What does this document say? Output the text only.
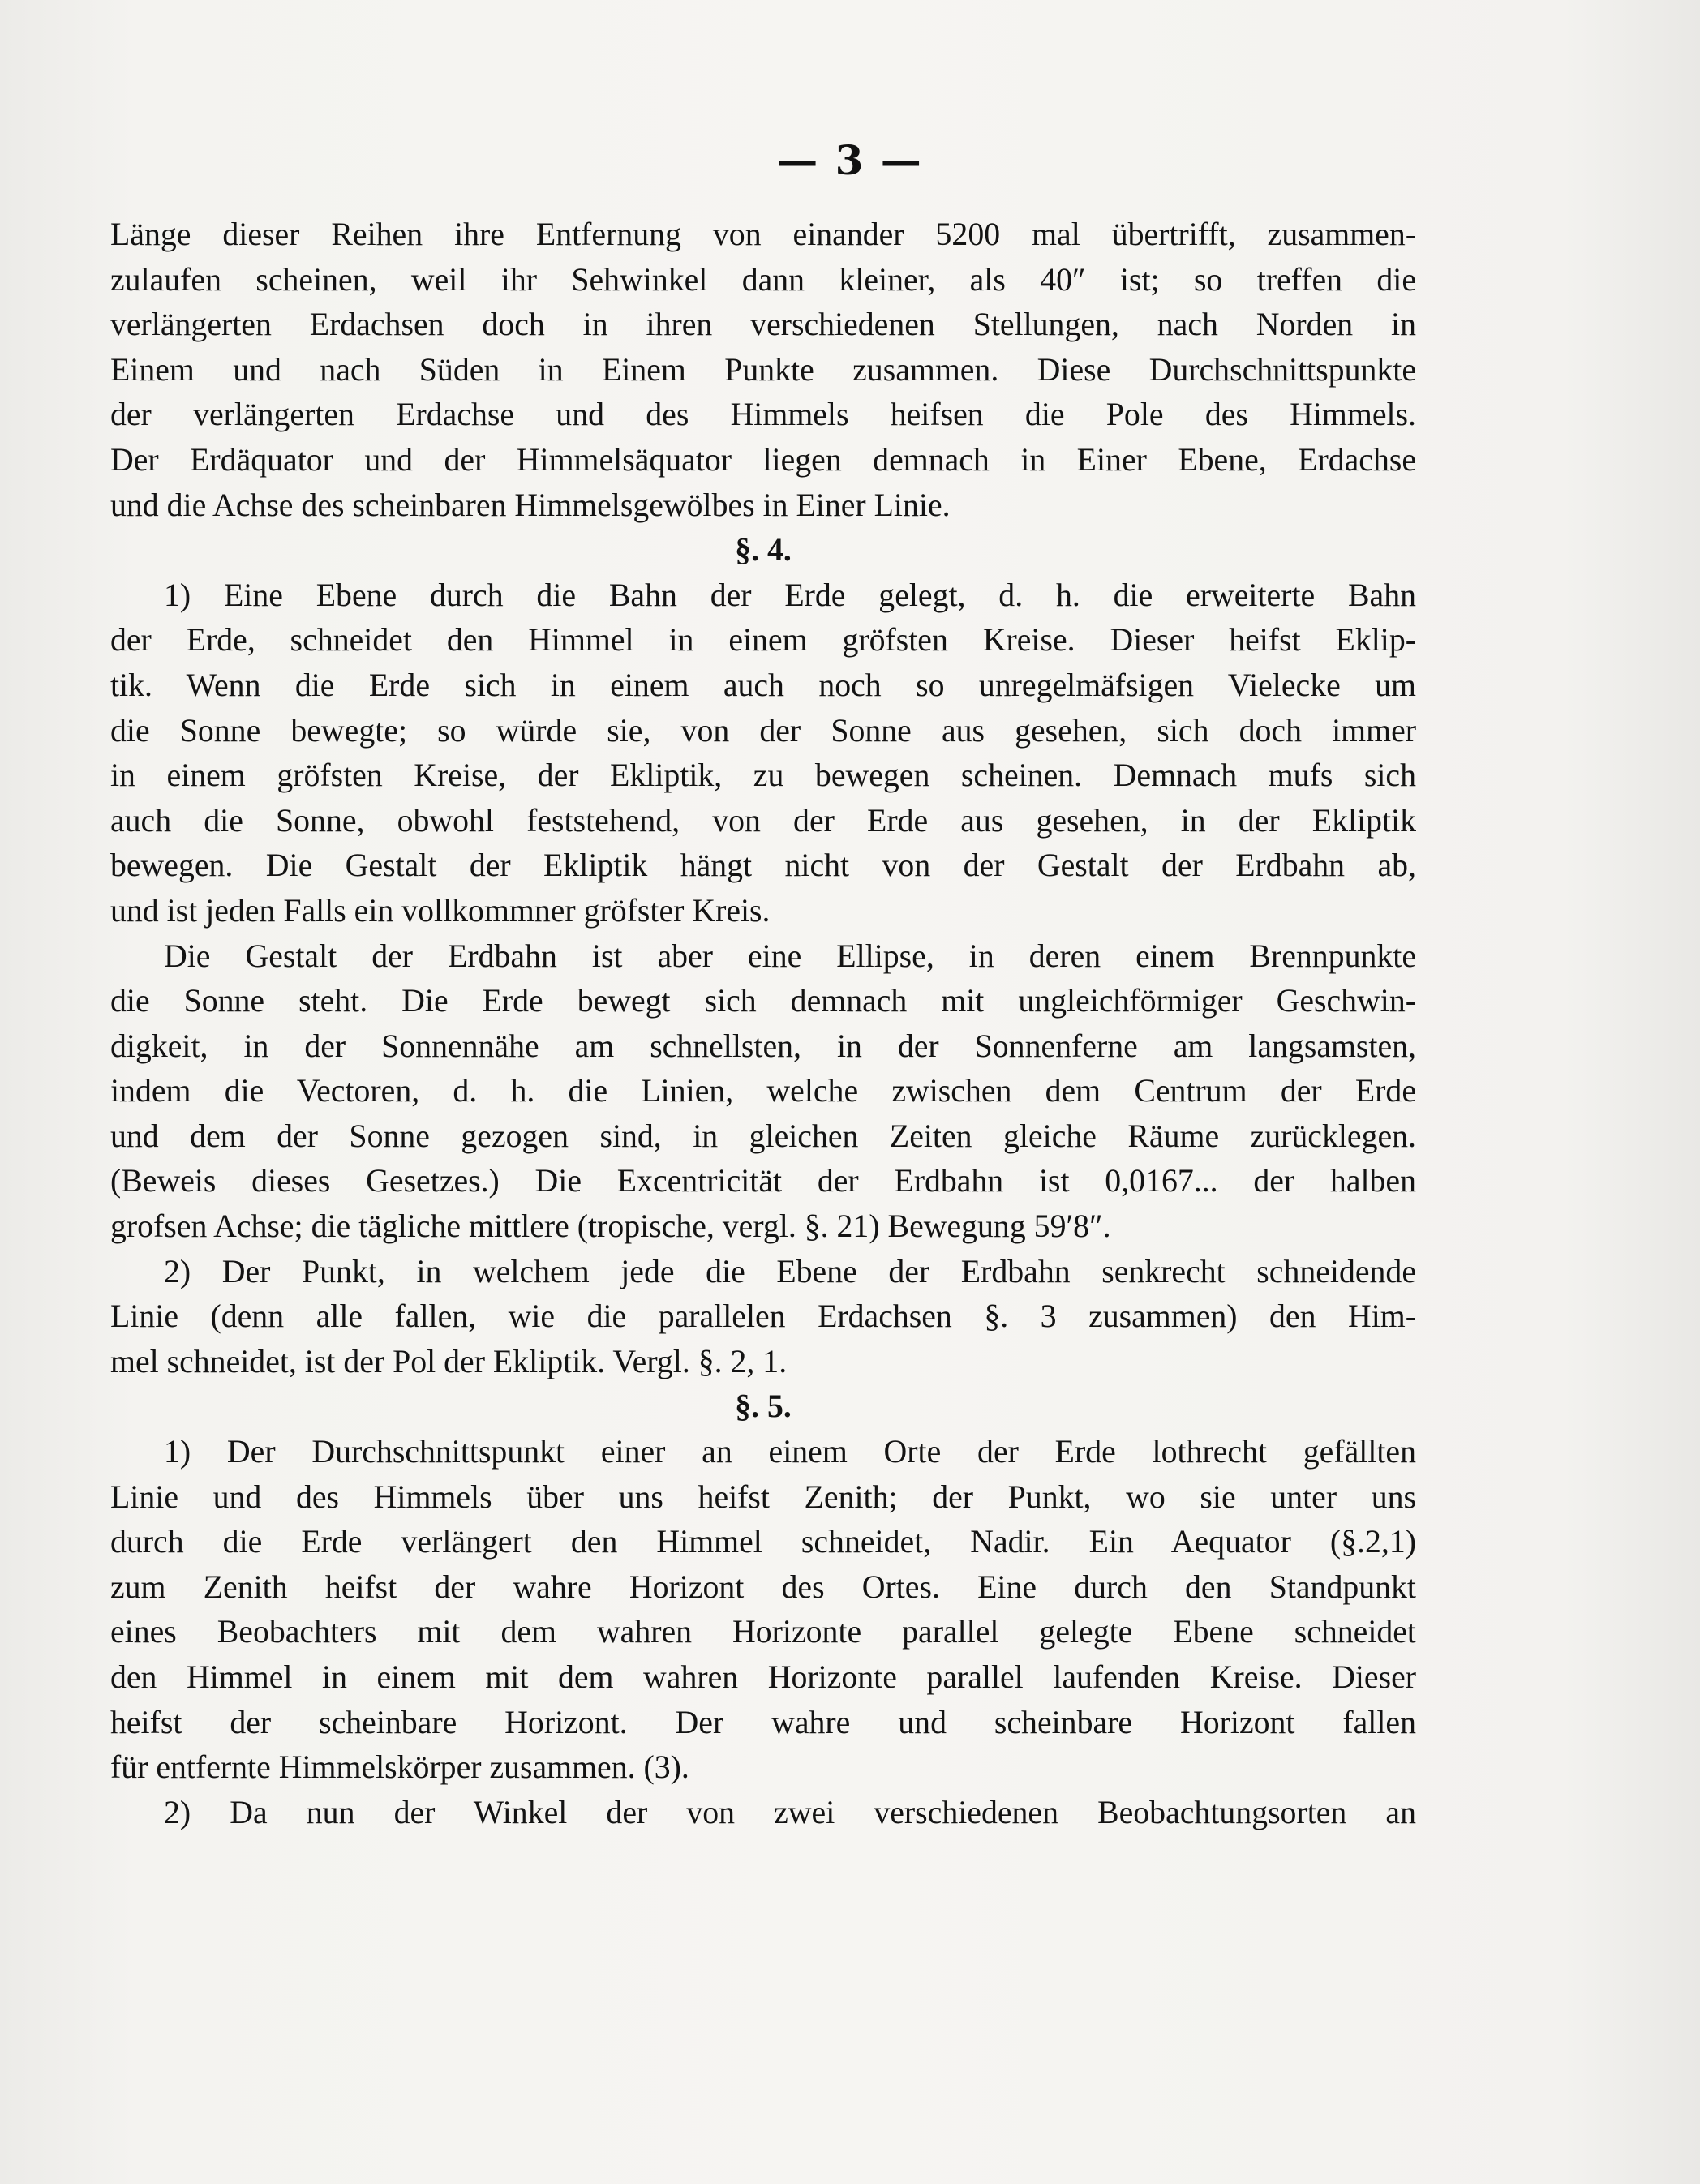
— 3 —
Länge dieser Reihen ihre Entfernung von einander 5200 mal übertrifft, zusammen-
zulaufen scheinen, weil ihr Sehwinkel dann kleiner, als 40″ ist; so treffen die
verlängerten Erdachsen doch in ihren verschiedenen Stellungen, nach Norden in
Einem und nach Süden in Einem Punkte zusammen. Diese Durchschnittspunkte
der verlängerten Erdachse und des Himmels heifsen die Pole des Himmels.
Der Erdäquator und der Himmelsäquator liegen demnach in Einer Ebene, Erdachse
und die Achse des scheinbaren Himmelsgewölbes in Einer Linie.
§. 4.
1) Eine Ebene durch die Bahn der Erde gelegt, d. h. die erweiterte Bahn
der Erde, schneidet den Himmel in einem gröfsten Kreise. Dieser heifst Eklip-
tik. Wenn die Erde sich in einem auch noch so unregelmäfsigen Vielecke um
die Sonne bewegte; so würde sie, von der Sonne aus gesehen, sich doch immer
in einem gröfsten Kreise, der Ekliptik, zu bewegen scheinen. Demnach mufs sich
auch die Sonne, obwohl feststehend, von der Erde aus gesehen, in der Ekliptik
bewegen. Die Gestalt der Ekliptik hängt nicht von der Gestalt der Erdbahn ab,
und ist jeden Falls ein vollkommner gröfster Kreis.
Die Gestalt der Erdbahn ist aber eine Ellipse, in deren einem Brennpunkte
die Sonne steht. Die Erde bewegt sich demnach mit ungleichförmiger Geschwin-
digkeit, in der Sonnennähe am schnellsten, in der Sonnenferne am langsamsten,
indem die Vectoren, d. h. die Linien, welche zwischen dem Centrum der Erde
und dem der Sonne gezogen sind, in gleichen Zeiten gleiche Räume zurücklegen.
(Beweis dieses Gesetzes.) Die Excentricität der Erdbahn ist 0,0167... der halben
grofsen Achse; die tägliche mittlere (tropische, vergl. §. 21) Bewegung 59′8″.
2) Der Punkt, in welchem jede die Ebene der Erdbahn senkrecht schneidende
Linie (denn alle fallen, wie die parallelen Erdachsen §. 3 zusammen) den Him-
mel schneidet, ist der Pol der Ekliptik. Vergl. §. 2, 1.
§. 5.
1) Der Durchschnittspunkt einer an einem Orte der Erde lothrecht gefällten
Linie und des Himmels über uns heifst Zenith; der Punkt, wo sie unter uns
durch die Erde verlängert den Himmel schneidet, Nadir. Ein Aequator (§.2,1)
zum Zenith heifst der wahre Horizont des Ortes. Eine durch den Standpunkt
eines Beobachters mit dem wahren Horizonte parallel gelegte Ebene schneidet
den Himmel in einem mit dem wahren Horizonte parallel laufenden Kreise. Dieser
heifst der scheinbare Horizont. Der wahre und scheinbare Horizont fallen
für entfernte Himmelskörper zusammen. (3).
2) Da nun der Winkel der von zwei verschiedenen Beobachtungsorten an
